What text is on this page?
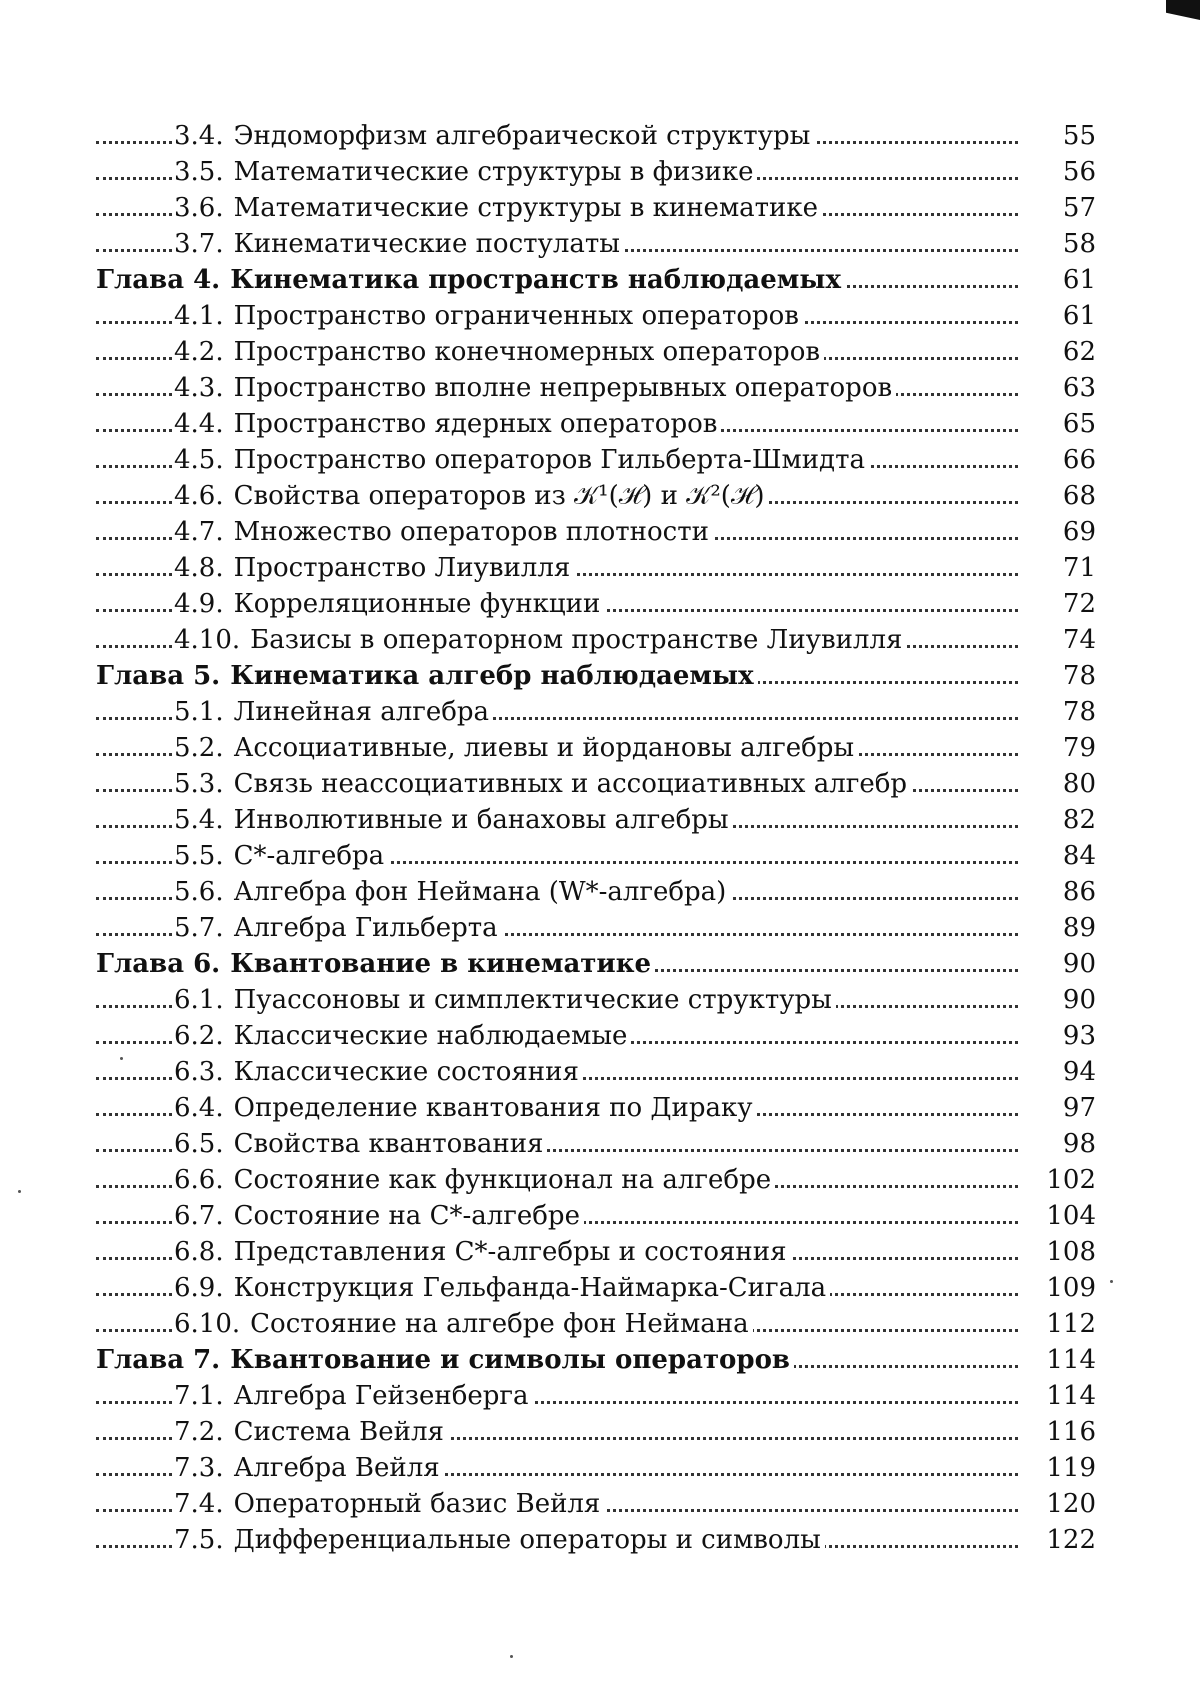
3.4. Эндоморфизм алгебраической структуры	55
3.5. Математические структуры в физике	56
3.6. Математические структуры в кинематике	57
3.7. Кинематические постулаты	58
Глава 4. Кинематика пространств наблюдаемых	61
4.1. Пространство ограниченных операторов	61
4.2. Пространство конечномерных операторов	62
4.3. Пространство вполне непрерывных операторов	63
4.4. Пространство ядерных операторов	65
4.5. Пространство операторов Гильберта-Шмидта	66
4.6. Свойства операторов из 𝒦¹(ℋ) и 𝒦²(ℋ)	68
4.7. Множество операторов плотности	69
4.8. Пространство Лиувилля	71
4.9. Корреляционные функции	72
4.10. Базисы в операторном пространстве Лиувилля	74
Глава 5. Кинематика алгебр наблюдаемых	78
5.1. Линейная алгебра	78
5.2. Ассоциативные, лиевы и йордановы алгебры	79
5.3. Связь неассоциативных и ассоциативных алгебр	80
5.4. Инволютивные и банаховы алгебры	82
5.5. C*-алгебра	84
5.6. Алгебра фон Неймана (W*-алгебра)	86
5.7. Алгебра Гильберта	89
Глава 6. Квантование в кинематике	90
6.1. Пуассоновы и симплектические структуры	90
6.2. Классические наблюдаемые	93
6.3. Классические состояния	94
6.4. Определение квантования по Дираку	97
6.5. Свойства квантования	98
6.6. Состояние как функционал на алгебре	102
6.7. Состояние на C*-алгебре	104
6.8. Представления C*-алгебры и состояния	108
6.9. Конструкция Гельфанда-Наймарка-Сигала	109
6.10. Состояние на алгебре фон Неймана	112
Глава 7. Квантование и символы операторов	114
7.1. Алгебра Гейзенберга	114
7.2. Система Вейля	116
7.3. Алгебра Вейля	119
7.4. Операторный базис Вейля	120
7.5. Дифференциальные операторы и символы	122
